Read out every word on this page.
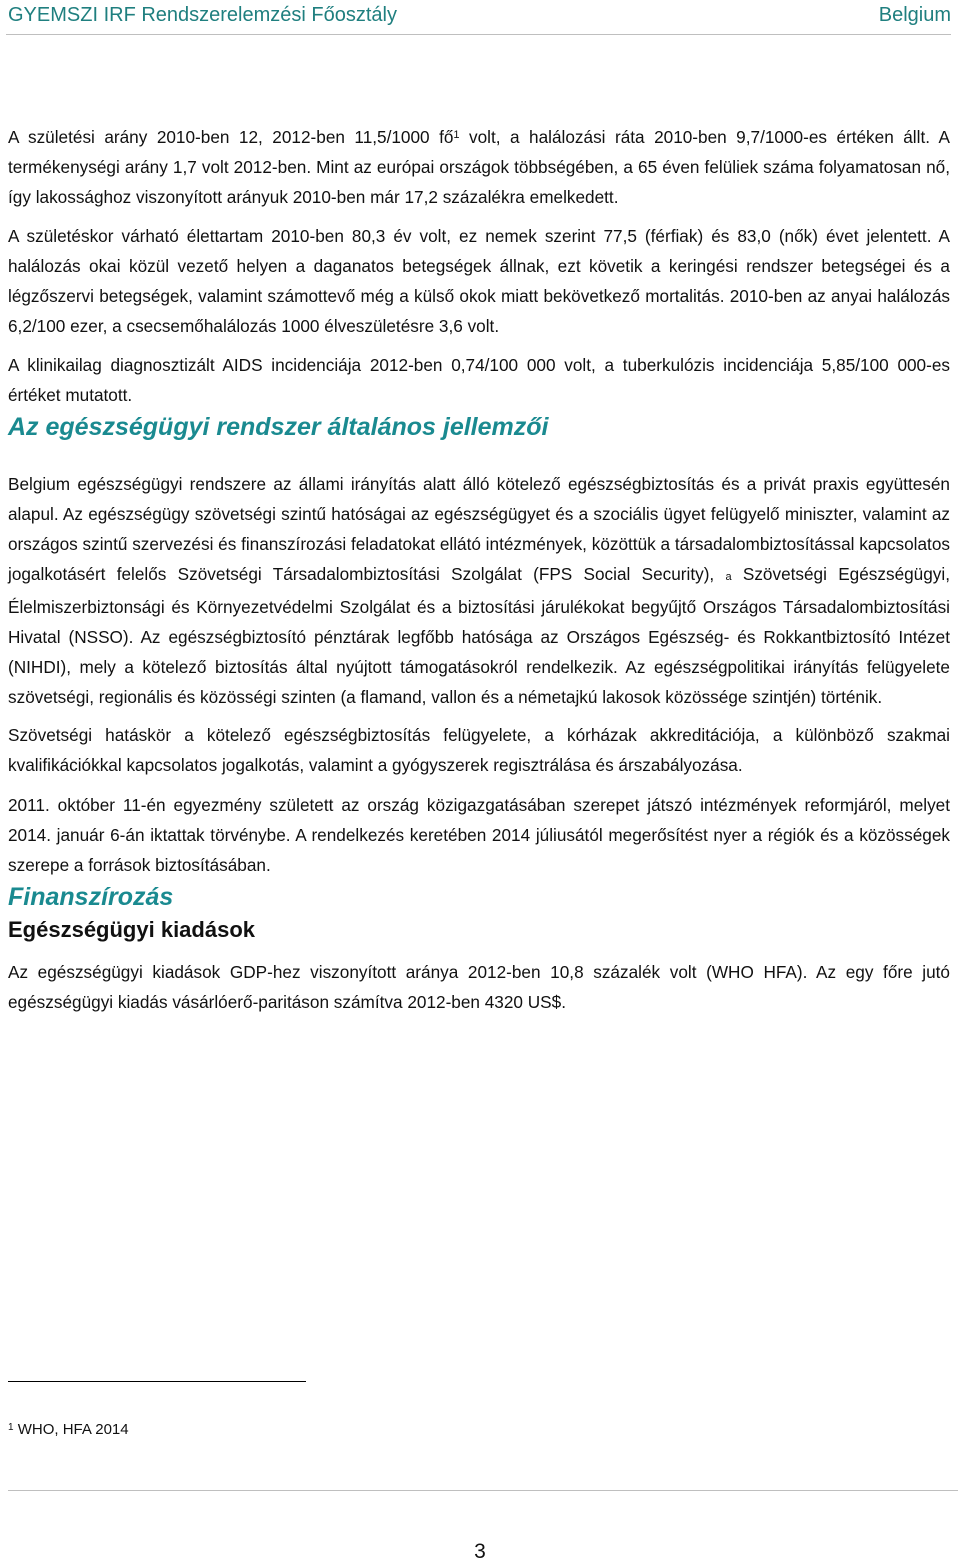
GYEMSZI IRF Rendszerelemzési Főosztály	Belgium

A születési arány 2010-ben 12, 2012-ben 11,5/1000 fő$^1$ volt, a halálozási ráta 2010-ben 9,7/1000-es értéken állt. A termékenységi arány 1,7 volt 2012-ben. Mint az európai országok többségében, a 65 éven felüliek száma folyamatosan nő, így lakossághoz viszonyított arányuk 2010-ben már 17,2 százalékra emelkedett.

A születéskor várható élettartam 2010-ben 80,3 év volt, ez nemek szerint 77,5 (férfiak) és 83,0 (nők) évet jelentett. A halálozás okai közül vezető helyen a daganatos betegségek állnak, ezt követik a keringési rendszer betegségei és a légzőszervi betegségek, valamint számottevő még a külső okok miatt bekövetkező mortalitás. 2010-ben az anyai halálozás 6,2/100 ezer, a csecsemőhalálozás 1000 élveszületésre 3,6 volt.

A klinikailag diagnosztizált AIDS incidenciája 2012-ben 0,74/100 000 volt, a tuberkulózis incidenciája 5,85/100 000-es értéket mutatott.

Az egészségügyi rendszer általános jellemzői

Belgium egészségügyi rendszere az állami irányítás alatt álló kötelező egészségbiztosítás és a privát praxis együttesén alapul. Az egészségügy szövetségi szintű hatóságai az egészségügyet és a szociális ügyet felügyelő miniszter, valamint az országos szintű szervezési és finanszírozási feladatokat ellátó intézmények, közöttük a társadalombiztosítással kapcsolatos jogalkotásért felelős Szövetségi Társadalombiztosítási Szolgálat (FPS Social Security), a Szövetségi Egészségügyi, Élelmiszerbiztonsági és Környezetvédelmi Szolgálat és a biztosítási járulékokat begyűjtő Országos Társadalombiztosítási Hivatal (NSSO). Az egészségbiztosító pénztárak legfőbb hatósága az Országos Egészség- és Rokkantbiztosító Intézet (NIHDI), mely a kötelező biztosítás által nyújtott támogatásokról rendelkezik. Az egészségpolitikai irányítás felügyelete szövetségi, regionális és közösségi szinten (a flamand, vallon és a németajkú lakosok közössége szintjén) történik.

Szövetségi hatáskör a kötelező egészségbiztosítás felügyelete, a kórházak akkreditációja, a különböző szakmai kvalifikációkkal kapcsolatos jogalkotás, valamint a gyógyszerek regisztrálása és árszabályozása.

2011. október 11-én egyezmény született az ország közigazgatásában szerepet játszó intézmények reformjáról, melyet 2014. január 6-án iktattak törvénybe. A rendelkezés keretében 2014 júliusától megerősítést nyer a régiók és a közösségek szerepe a források biztosításában.

Finanszírozás
Egészségügyi kiadások

Az egészségügyi kiadások GDP-hez viszonyított aránya 2012-ben 10,8 százalék volt (WHO HFA). Az egy főre jutó egészségügyi kiadás vásárlóerő-paritáson számítva 2012-ben 4320 US$.

$^1$ WHO, HFA 2014
3
